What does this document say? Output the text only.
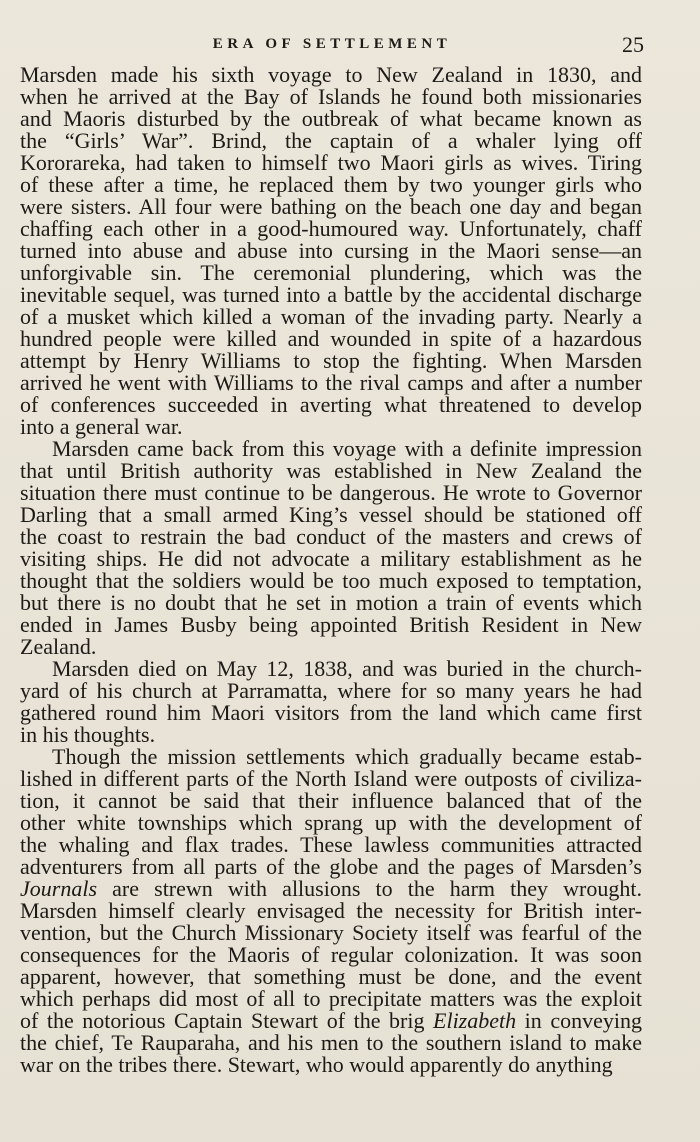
ERA OF SETTLEMENT	25
Marsden made his sixth voyage to New Zealand in 1830, and
when he arrived at the Bay of Islands he found both missionaries
and Maoris disturbed by the outbreak of what became known as
the “Girls’ War”. Brind, the captain of a whaler lying off
Kororareka, had taken to himself two Maori girls as wives. Tiring
of these after a time, he replaced them by two younger girls who
were sisters. All four were bathing on the beach one day and began
chaffing each other in a good-humoured way. Unfortunately, chaff
turned into abuse and abuse into cursing in the Maori sense—an
unforgivable sin. The ceremonial plundering, which was the
inevitable sequel, was turned into a battle by the accidental discharge
of a musket which killed a woman of the invading party. Nearly a
hundred people were killed and wounded in spite of a hazardous
attempt by Henry Williams to stop the fighting. When Marsden
arrived he went with Williams to the rival camps and after a number
of conferences succeeded in averting what threatened to develop
into a general war.
Marsden came back from this voyage with a definite impression
that until British authority was established in New Zealand the
situation there must continue to be dangerous. He wrote to Governor
Darling that a small armed King’s vessel should be stationed off
the coast to restrain the bad conduct of the masters and crews of
visiting ships. He did not advocate a military establishment as he
thought that the soldiers would be too much exposed to temptation,
but there is no doubt that he set in motion a train of events which
ended in James Busby being appointed British Resident in New
Zealand.
Marsden died on May 12, 1838, and was buried in the church-
yard of his church at Parramatta, where for so many years he had
gathered round him Maori visitors from the land which came first
in his thoughts.
Though the mission settlements which gradually became estab-
lished in different parts of the North Island were outposts of civiliza-
tion, it cannot be said that their influence balanced that of the
other white townships which sprang up with the development of
the whaling and flax trades. These lawless communities attracted
adventurers from all parts of the globe and the pages of Marsden’s
Journals are strewn with allusions to the harm they wrought.
Marsden himself clearly envisaged the necessity for British inter-
vention, but the Church Missionary Society itself was fearful of the
consequences for the Maoris of regular colonization. It was soon
apparent, however, that something must be done, and the event
which perhaps did most of all to precipitate matters was the exploit
of the notorious Captain Stewart of the brig Elizabeth in conveying
the chief, Te Rauparaha, and his men to the southern island to make
war on the tribes there. Stewart, who would apparently do anything
